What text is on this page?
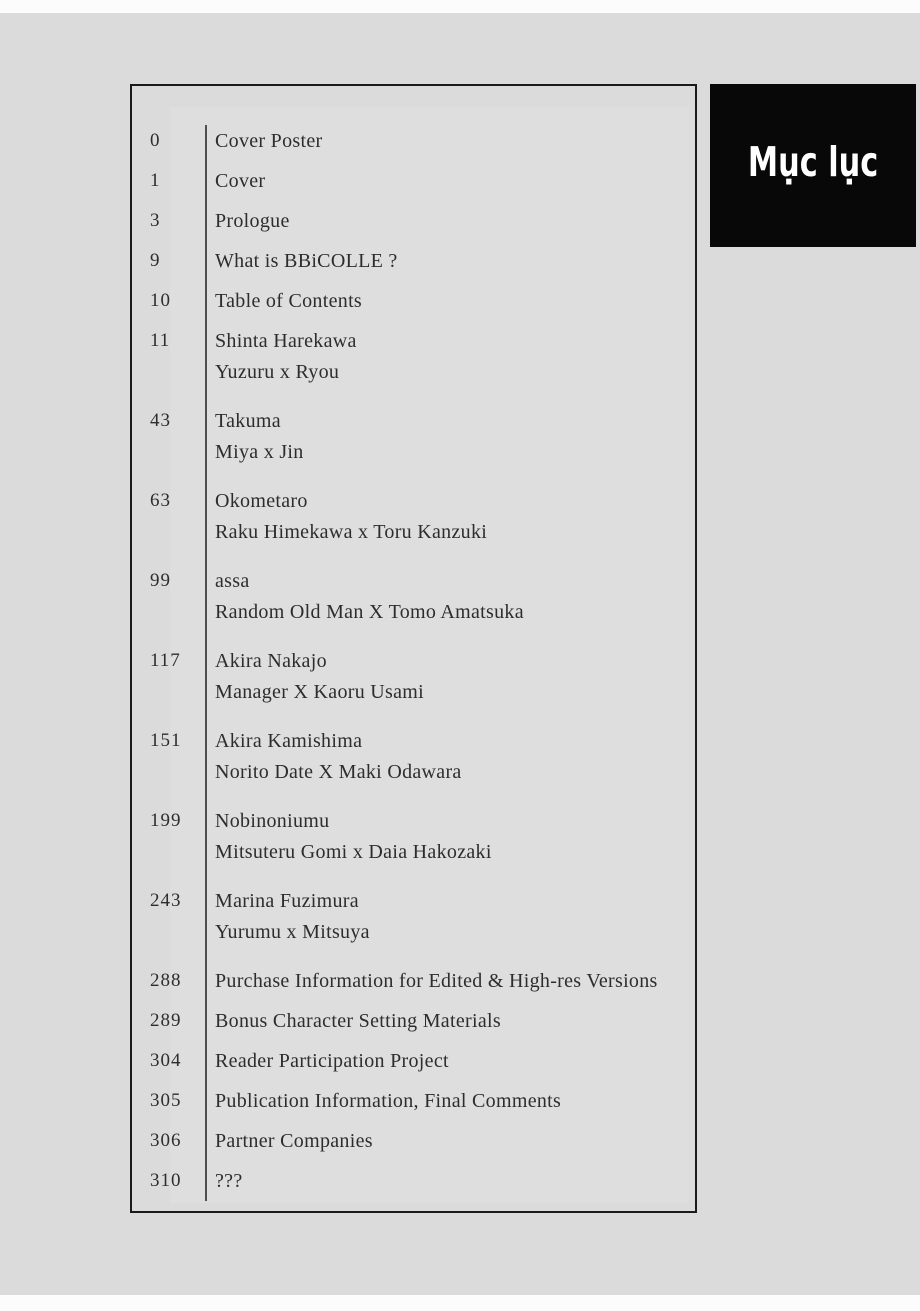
0	Cover Poster
1	Cover
3	Prologue
9	What is BBiCOLLE ?
10	Table of Contents
11	Shinta Harekawa
Yuzuru x Ryou
43	Takuma
Miya x Jin
63	Okometaro
Raku Himekawa x Toru Kanzuki
99	assa
Random Old Man X Tomo Amatsuka
117	Akira Nakajo
Manager X Kaoru Usami
151	Akira Kamishima
Norito Date X Maki Odawara
199	Nobinoniumu
Mitsuteru Gomi x Daia Hakozaki
243	Marina Fuzimura
Yurumu x Mitsuya
288	Purchase Information for Edited & High-res Versions
289	Bonus Character Setting Materials
304	Reader Participation Project
305	Publication Information, Final Comments
306	Partner Companies
310	???
Mục lục
